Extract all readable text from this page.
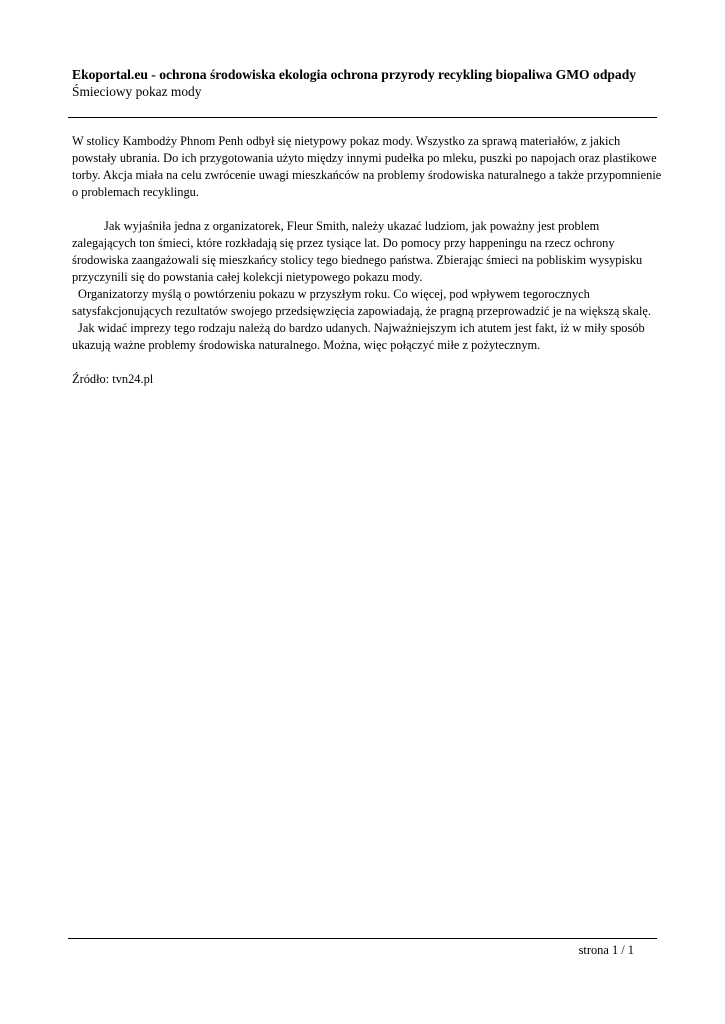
Ekoportal.eu - ochrona środowiska ekologia ochrona przyrody recykling biopaliwa GMO odpady
Śmieciowy pokaz mody

W stolicy Kambodży Phnom Penh odbył się nietypowy pokaz mody. Wszystko za sprawą materiałów, z jakich powstały ubrania. Do ich przygotowania użyto między innymi pudełka po mleku, puszki po napojach oraz plastikowe torby. Akcja miała na celu zwrócenie uwagi mieszkańców na problemy środowiska naturalnego a także przypomnienie o problemach recyklingu.

Jak wyjaśniła jedna z organizatorek, Fleur Smith, należy ukazać ludziom, jak poważny jest problem zalegających ton śmieci, które rozkładają się przez tysiące lat. Do pomocy przy happeningu na rzecz ochrony środowiska zaangażowali się mieszkańcy stolicy tego biednego państwa. Zbierając śmieci na pobliskim wysypisku przyczynili się do powstania całej kolekcji nietypowego pokazu mody.

Organizatorzy myślą o powtórzeniu pokazu w przyszłym roku. Co więcej, pod wpływem tegorocznych satysfakcjonujących rezultatów swojego przedsięwzięcia zapowiadają, że pragną przeprowadzić je na większą skalę.

Jak widać imprezy tego rodzaju należą do bardzo udanych. Najważniejszym ich atutem jest fakt, iż w miły sposób ukazują ważne problemy środowiska naturalnego. Można, więc połączyć miłe z pożytecznym.

Źródło: tvn24.pl

strona 1 / 1
